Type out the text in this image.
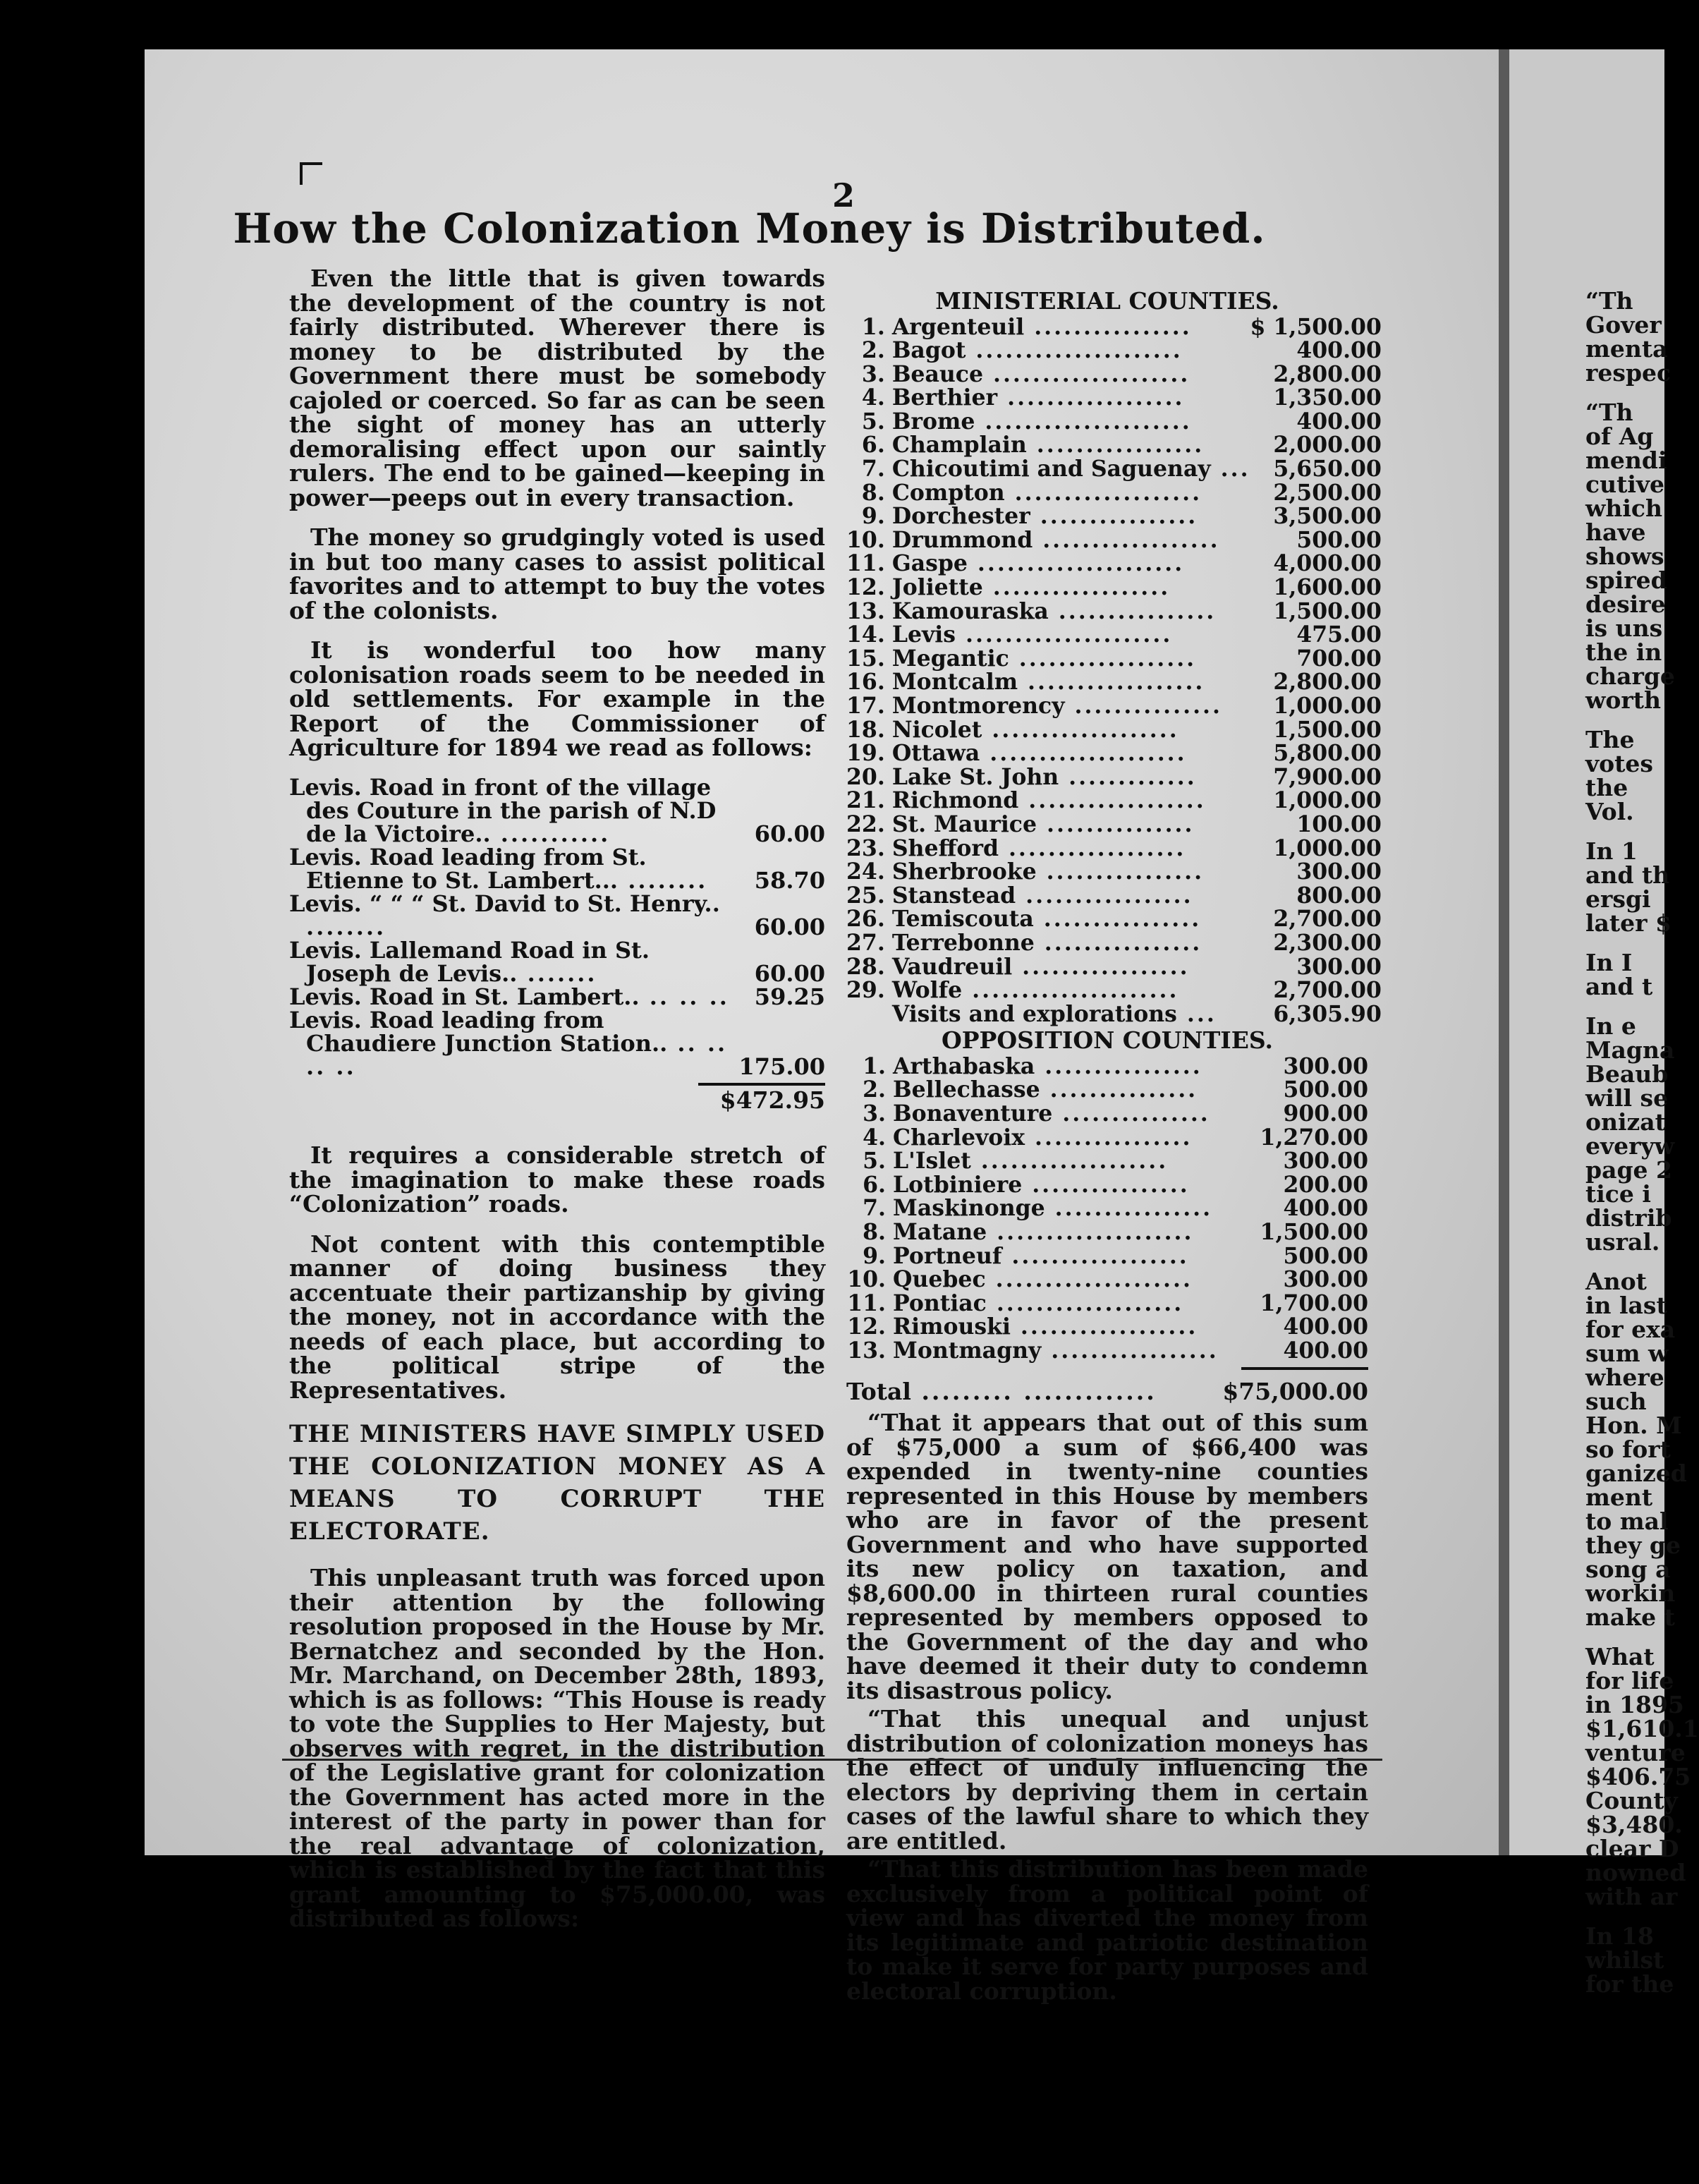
2
How the Colonization Money is Distributed.

Even the little that is given towards the development of the country is not fairly distributed. Wherever there is money to be distributed by the Government there must be somebody cajoled or coerced. So far as can be seen the sight of money has an utterly demoralising effect upon our saintly rulers. The end to be gained—keeping in power—peeps out in every transaction.

The money so grudgingly voted is used in but too many cases to assist political favorites and to attempt to buy the votes of the colonists.

It is wonderful too how many colonisation roads seem to be needed in old settlements. For example in the Report of the Commissioner of Agriculture for 1894 we read as follows:

Levis. Road in front of the village des Couture in the parish of N.D de la Victoire.. ...........	60.00
Levis. Road leading from St. Etienne to St. Lambert... ........	58.70
Levis. “ “ “ St. David to St. Henry.. ........	60.00
Levis. Lallemand Road in St. Joseph de Levis.. .......	60.00
Levis. Road in St. Lambert.. .. .. ..	59.25
Levis. Road leading from Chaudiere Junction Station.. .. .. .. ..	175.00
$472.95

It requires a considerable stretch of the imagination to make these roads “Colonization” roads.

Not content with this contemptible manner of doing business they accentuate their partizanship by giving the money, not in accordance with the needs of each place, but according to the political stripe of the Representatives.

THE MINISTERS HAVE SIMPLY USED THE COLONIZATION MONEY AS A MEANS TO CORRUPT THE ELECTORATE.

This unpleasant truth was forced upon their attention by the following resolution proposed in the House by Mr. Bernatchez and seconded by the Hon. Mr. Marchand, on December 28th, 1893, which is as follows: “This House is ready to vote the Supplies to Her Majesty, but observes with regret, in the distribution of the Legislative grant for colonization the Government has acted more in the interest of the party in power than for the real advantage of colonization, which is established by the fact that this grant amounting to $75,000.00, was distributed as follows:

MINISTERIAL COUNTIES.
1.	Argenteuil ................	$ 1,500.00
2.	Bagot .....................	400.00
3.	Beauce ....................	2,800.00
4.	Berthier ..................	1,350.00
5.	Brome .....................	400.00
6.	Champlain .................	2,000.00
7.	Chicoutimi and Saguenay ...	5,650.00
8.	Compton ...................	2,500.00
9.	Dorchester ................	3,500.00
10.	Drummond ..................	500.00
11.	Gaspe .....................	4,000.00
12.	Joliette ..................	1,600.00
13.	Kamouraska ................	1,500.00
14.	Levis .....................	475.00
15.	Megantic ..................	700.00
16.	Montcalm ..................	2,800.00
17.	Montmorency ...............	1,000.00
18.	Nicolet ...................	1,500.00
19.	Ottawa ....................	5,800.00
20.	Lake St. John .............	7,900.00
21.	Richmond ..................	1,000.00
22.	St. Maurice ...............	100.00
23.	Shefford ..................	1,000.00
24.	Sherbrooke ................	300.00
25.	Stanstead .................	800.00
26.	Temiscouta ................	2,700.00
27.	Terrebonne ................	2,300.00
28.	Vaudreuil .................	300.00
29.	Wolfe .....................	2,700.00
	Visits and explorations ...	6,305.90
OPPOSITION COUNTIES.
1.	Arthabaska ................	300.00
2.	Bellechasse ...............	500.00
3.	Bonaventure ...............	900.00
4.	Charlevoix ................	1,270.00
5.	L'Islet ...................	300.00
6.	Lotbiniere ................	200.00
7.	Maskinonge ................	400.00
8.	Matane ....................	1,500.00
9.	Portneuf ..................	500.00
10.	Quebec ....................	300.00
11.	Pontiac ...................	1,700.00
12.	Rimouski ..................	400.00
13.	Montmagny .................	400.00
Total ......... .............	$75,000.00

“That it appears that out of this sum of $75,000 a sum of $66,400 was expended in twenty-nine counties represented in this House by members who are in favor of the present Government and who have supported its new policy on taxation, and $8,600.00 in thirteen rural counties represented by members opposed to the Government of the day and who have deemed it their duty to condemn its disastrous policy.

“That this unequal and unjust distribution of colonization moneys has the effect of unduly influencing the electors by depriving them in certain cases of the lawful share to which they are entitled.

“That this distribution has been made exclusively from a political point of view and has diverted the money from its legitimate and patriotic destination to make it serve for party purposes and electoral corruption.

“Th
Gover
menta
respec
“Th
of Ag
mendi
cutive
which
have
shows
spired
desire
is uns
the in
charge
worth
The
votes
the
Vol.
In 1
and th
ersgi
later $
In I
and t
In e
Magna
Beaub
will se
onizat
everyw
page 2
tice i
distrib
usral.
Anot
in last
for exa
sum w
where
such
Hon. M
so fort
ganized
ment
to mal
they ge
song a
workin
make t
What
for life
in 1895
$1,610.1
venture
$406.75
County
$3,480.
clear D
nowned
with ar
In 18
whilst
for the
